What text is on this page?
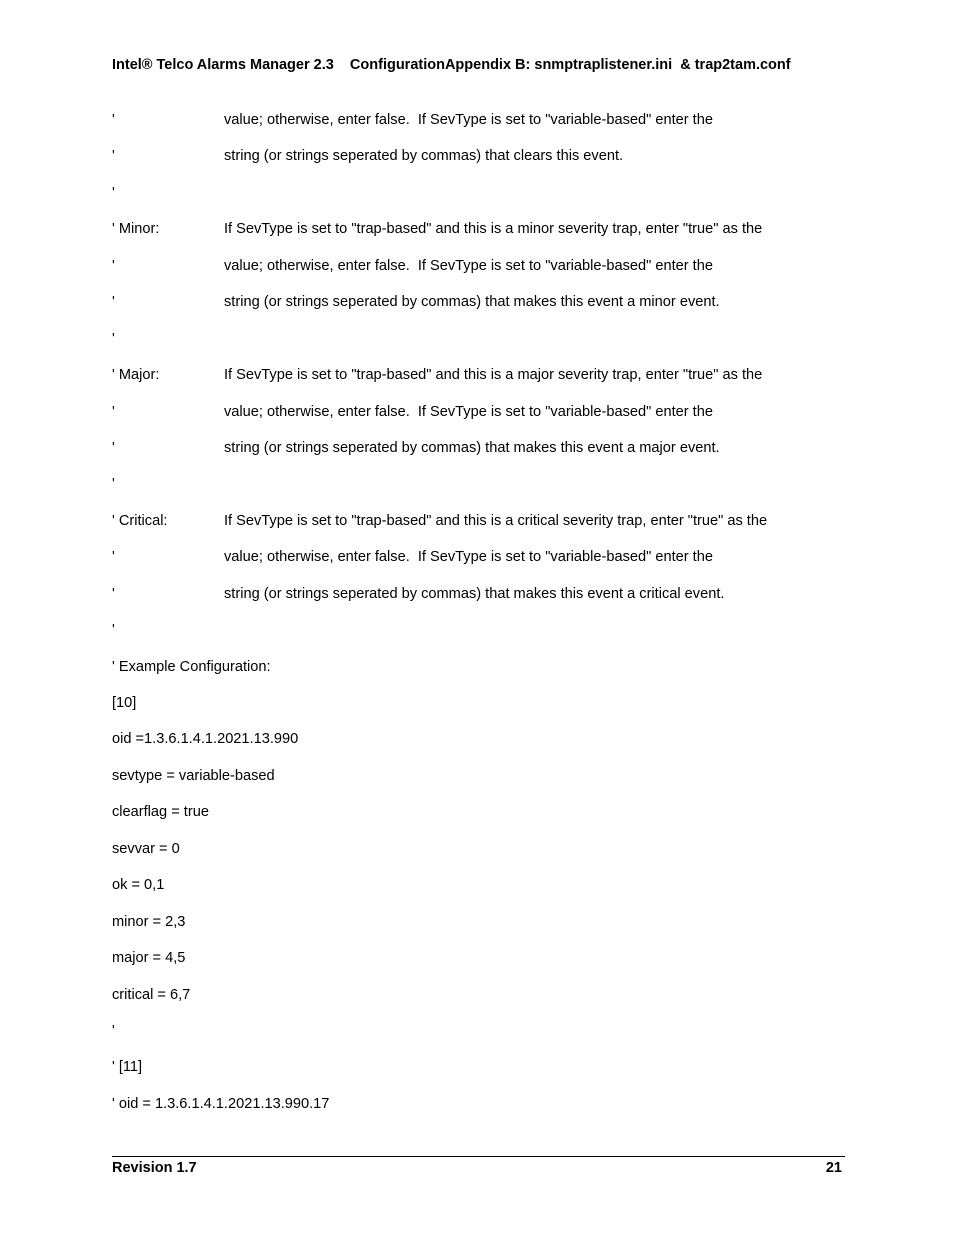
Intel® Telco Alarms Manager 2.3    ConfigurationAppendix B: snmptraplistener.ini  & trap2tam.conf
'	value; otherwise, enter false.  If SevType is set to "variable-based" enter the
'	string (or strings seperated by commas) that clears this event.
'
' Minor:	If SevType is set to "trap-based" and this is a minor severity trap, enter "true" as the
'	value; otherwise, enter false.  If SevType is set to "variable-based" enter the
'	string (or strings seperated by commas) that makes this event a minor event.
'
' Major:	If SevType is set to "trap-based" and this is a major severity trap, enter "true" as the
'	value; otherwise, enter false.  If SevType is set to "variable-based" enter the
'	string (or strings seperated by commas) that makes this event a major event.
'
' Critical:	If SevType is set to "trap-based" and this is a critical severity trap, enter "true" as the
'	value; otherwise, enter false.  If SevType is set to "variable-based" enter the
'	string (or strings seperated by commas) that makes this event a critical event.
'
' Example Configuration:
[10]
oid =1.3.6.1.4.1.2021.13.990
sevtype = variable-based
clearflag = true
sevvar = 0
ok = 0,1
minor = 2,3
major = 4,5
critical = 6,7
'
' [11]
' oid = 1.3.6.1.4.1.2021.13.990.17
Revision 1.7	21
